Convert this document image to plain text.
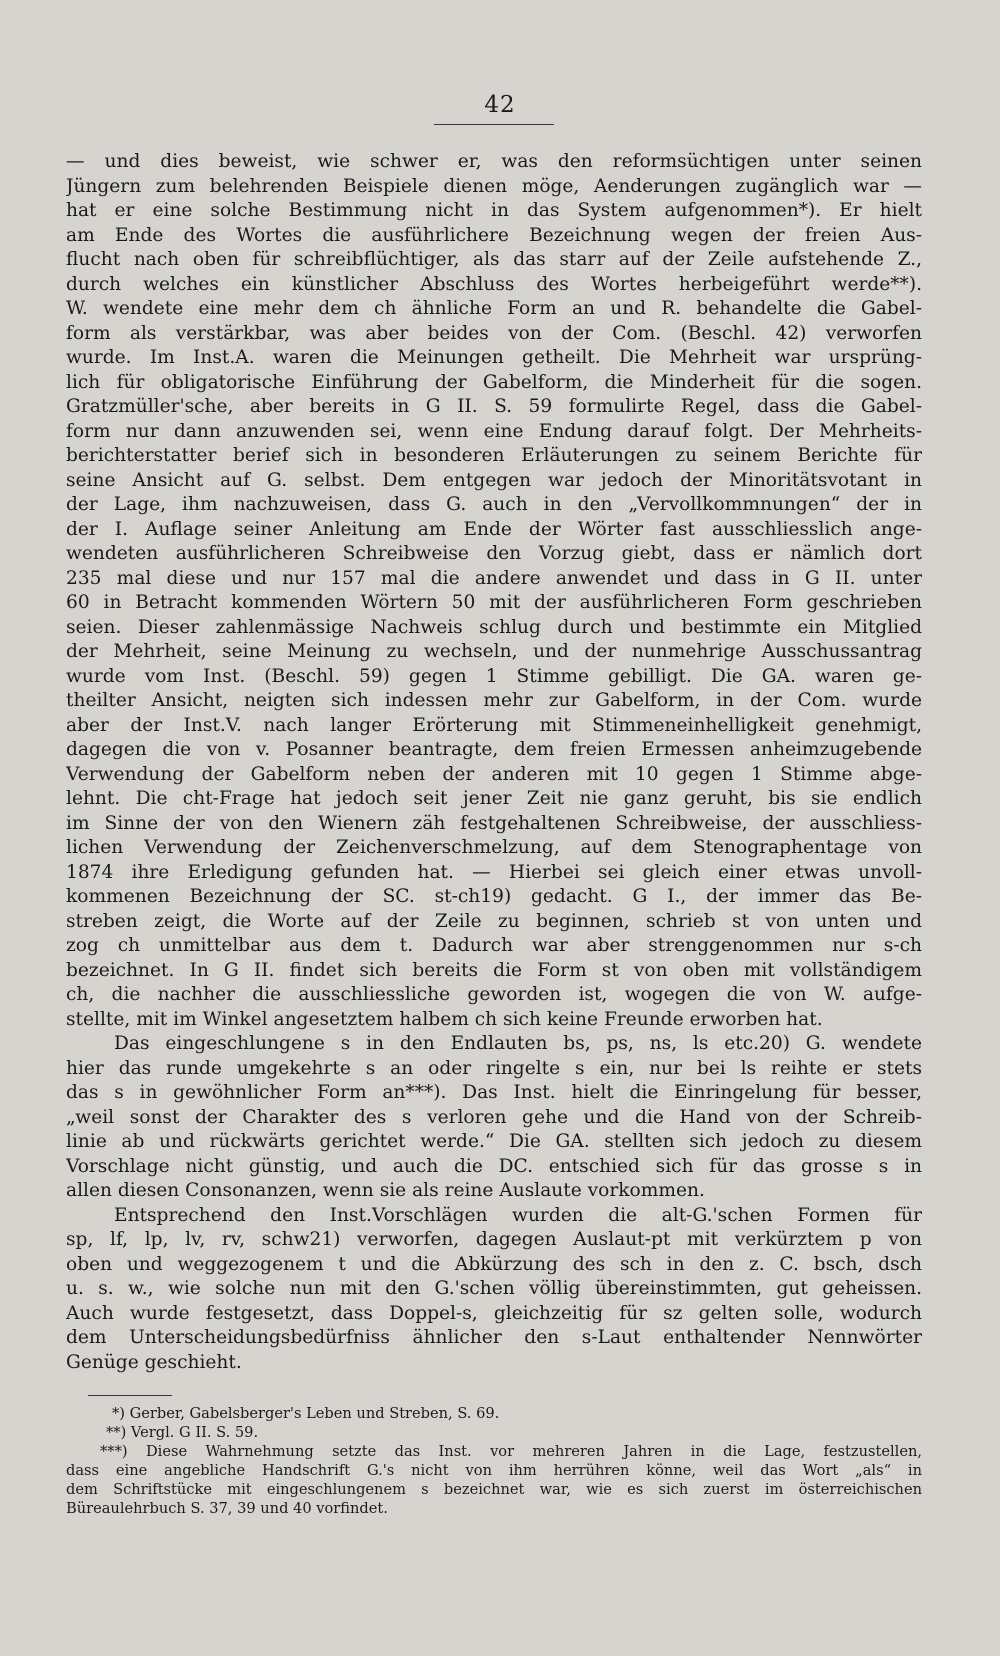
42
— und dies beweist, wie schwer er, was den reformsüchtigen unter seinen
Jüngern zum belehrenden Beispiele dienen möge, Aenderungen zugänglich war —
hat er eine solche Bestimmung nicht in das System aufgenommen*). Er hielt
am Ende des Wortes die ausführlichere Bezeichnung wegen der freien Aus-
flucht nach oben für schreibflüchtiger, als das starr auf der Zeile aufstehende Z.,
durch welches ein künstlicher Abschluss des Wortes herbeigeführt werde**).
W. wendete eine mehr dem ch ähnliche Form an und R. behandelte die Gabel-
form als verstärkbar, was aber beides von der Com. (Beschl. 42) verworfen
wurde. Im Inst.A. waren die Meinungen getheilt. Die Mehrheit war ursprüng-
lich für obligatorische Einführung der Gabelform, die Minderheit für die sogen.
Gratzmüller'sche, aber bereits in G II. S. 59 formulirte Regel, dass die Gabel-
form nur dann anzuwenden sei, wenn eine Endung darauf folgt. Der Mehrheits-
berichterstatter berief sich in besonderen Erläuterungen zu seinem Berichte für
seine Ansicht auf G. selbst. Dem entgegen war jedoch der Minoritätsvotant in
der Lage, ihm nachzuweisen, dass G. auch in den „Vervollkommnungen“ der in
der I. Auflage seiner Anleitung am Ende der Wörter fast ausschliesslich ange-
wendeten ausführlicheren Schreibweise den Vorzug giebt, dass er nämlich dort
235 mal diese und nur 157 mal die andere anwendet und dass in G II. unter
60 in Betracht kommenden Wörtern 50 mit der ausführlicheren Form geschrieben
seien. Dieser zahlenmässige Nachweis schlug durch und bestimmte ein Mitglied
der Mehrheit, seine Meinung zu wechseln, und der nunmehrige Ausschussantrag
wurde vom Inst. (Beschl. 59) gegen 1 Stimme gebilligt. Die GA. waren ge-
theilter Ansicht, neigten sich indessen mehr zur Gabelform, in der Com. wurde
aber der Inst.V. nach langer Erörterung mit Stimmeneinhelligkeit genehmigt,
dagegen die von v. Posanner beantragte, dem freien Ermessen anheimzugebende
Verwendung der Gabelform neben der anderen mit 10 gegen 1 Stimme abge-
lehnt. Die cht-Frage hat jedoch seit jener Zeit nie ganz geruht, bis sie endlich
im Sinne der von den Wienern zäh festgehaltenen Schreibweise, der ausschliess-
lichen Verwendung der Zeichenverschmelzung, auf dem Stenographentage von
1874 ihre Erledigung gefunden hat. — Hierbei sei gleich einer etwas unvoll-
kommenen Bezeichnung der SC. st-ch19) gedacht. G I., der immer das Be-
streben zeigt, die Worte auf der Zeile zu beginnen, schrieb st von unten und
zog ch unmittelbar aus dem t. Dadurch war aber strenggenommen nur s-ch
bezeichnet. In G II. findet sich bereits die Form st von oben mit vollständigem
ch, die nachher die ausschliessliche geworden ist, wogegen die von W. aufge-
stellte, mit im Winkel angesetztem halbem ch sich keine Freunde erworben hat.
Das eingeschlungene s in den Endlauten bs, ps, ns, ls etc.20) G. wendete
hier das runde umgekehrte s an oder ringelte s ein, nur bei ls reihte er stets
das s in gewöhnlicher Form an***). Das Inst. hielt die Einringelung für besser,
„weil sonst der Charakter des s verloren gehe und die Hand von der Schreib-
linie ab und rückwärts gerichtet werde.“ Die GA. stellten sich jedoch zu diesem
Vorschlage nicht günstig, und auch die DC. entschied sich für das grosse s in
allen diesen Consonanzen, wenn sie als reine Auslaute vorkommen.
Entsprechend den Inst.Vorschlägen wurden die alt-G.'schen Formen für
sp, lf, lp, lv, rv, schw21) verworfen, dagegen Auslaut-pt mit verkürztem p von
oben und weggezogenem t und die Abkürzung des sch in den z. C. bsch, dsch
u. s. w., wie solche nun mit den G.'schen völlig übereinstimmten, gut geheissen.
Auch wurde festgesetzt, dass Doppel-s, gleichzeitig für sz gelten solle, wodurch
dem Unterscheidungsbedürfniss ähnlicher den s-Laut enthaltender Nennwörter
Genüge geschieht.
*) Gerber, Gabelsberger's Leben und Streben, S. 69.
**) Vergl. G II. S. 59.
***) Diese Wahrnehmung setzte das Inst. vor mehreren Jahren in die Lage, festzustellen,
dass eine angebliche Handschrift G.'s nicht von ihm herrühren könne, weil das Wort „als“ in
dem Schriftstücke mit eingeschlungenem s bezeichnet war, wie es sich zuerst im österreichischen
Büreaulehrbuch S. 37, 39 und 40 vorfindet.
